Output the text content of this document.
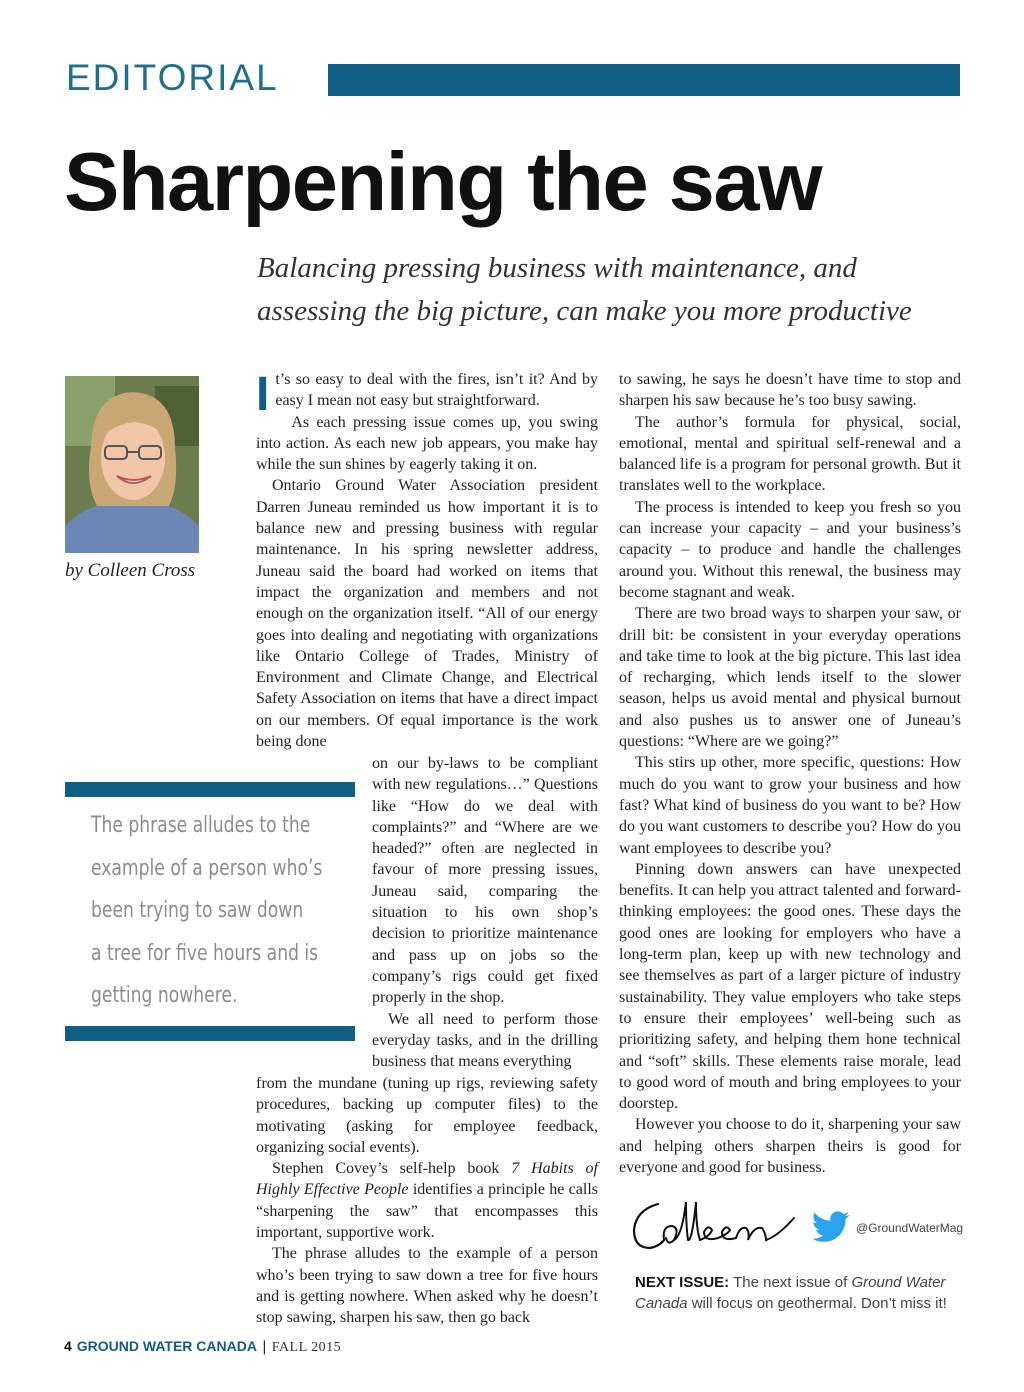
EDITORIAL
Sharpening the saw
Balancing pressing business with maintenance, and assessing the big picture, can make you more productive
by Colleen Cross
The phrase alludes to the
example of a person who’s
been trying to saw down
a tree for five hours and is
getting nowhere.
I t’s so easy to deal with the fires, isn’t it? And by easy I mean not easy but straightforward.

As each pressing issue comes up, you swing into action. As each new job appears, you make hay while the sun shines by eagerly taking it on.

Ontario Ground Water Association president Darren Juneau reminded us how important it is to balance new and pressing business with regular maintenance. In his spring newsletter address, Juneau said the board had worked on items that impact the organization and members and not enough on the organization itself. “All of our energy goes into dealing and negotiating with organizations like Ontario College of Trades, Ministry of Environment and Climate Change, and Electrical Safety Association on items that have a direct impact on our members. Of equal importance is the work being done

on our by-laws to be compliant with new regulations…” Questions like “How do we deal with complaints?” and “Where are we headed?” often are neglected in favour of more pressing issues, Juneau said, comparing the situation to his own shop’s decision to prioritize maintenance and pass up on jobs so the company’s rigs could get fixed properly in the shop.

We all need to perform those everyday tasks, and in the drilling business that means everything

from the mundane (tuning up rigs, reviewing safety procedures, backing up computer files) to the motivating (asking for employee feedback, organizing social events).

Stephen Covey’s self-help book 7 Habits of Highly Effective People identifies a principle he calls “sharpening the saw” that encompasses this important, supportive work.

The phrase alludes to the example of a person who’s been trying to saw down a tree for five hours and is getting nowhere. When asked why he doesn’t stop sawing, sharpen his saw, then go back

to sawing, he says he doesn’t have time to stop and sharpen his saw because he’s too busy sawing.

The author’s formula for physical, social, emotional, mental and spiritual self-renewal and a balanced life is a program for personal growth. But it translates well to the workplace.

The process is intended to keep you fresh so you can increase your capacity – and your business’s capacity – to produce and handle the challenges around you. Without this renewal, the business may become stagnant and weak.

There are two broad ways to sharpen your saw, or drill bit: be consistent in your everyday operations and take time to look at the big picture. This last idea of recharging, which lends itself to the slower season, helps us avoid mental and physical burnout and also pushes us to answer one of Juneau’s questions: “Where are we going?”

This stirs up other, more specific, questions: How much do you want to grow your business and how fast? What kind of business do you want to be? How do you want customers to describe you? How do you want employees to describe you?

Pinning down answers can have unexpected benefits. It can help you attract talented and forward-thinking employees: the good ones. These days the good ones are looking for employers who have a long-term plan, keep up with new technology and see themselves as part of a larger picture of industry sustainability. They value employers who take steps to ensure their employees’ well-being such as prioritizing safety, and helping them hone technical and “soft” skills. These elements raise morale, lead to good word of mouth and bring employees to your doorstep.

However you choose to do it, sharpening your saw and helping others sharpen theirs is good for everyone and good for business.

@GroundWaterMag
NEXT ISSUE: The next issue of Ground Water Canada will focus on geothermal. Don’t miss it!
4 GROUND WATER CANADA | FALL 2015
